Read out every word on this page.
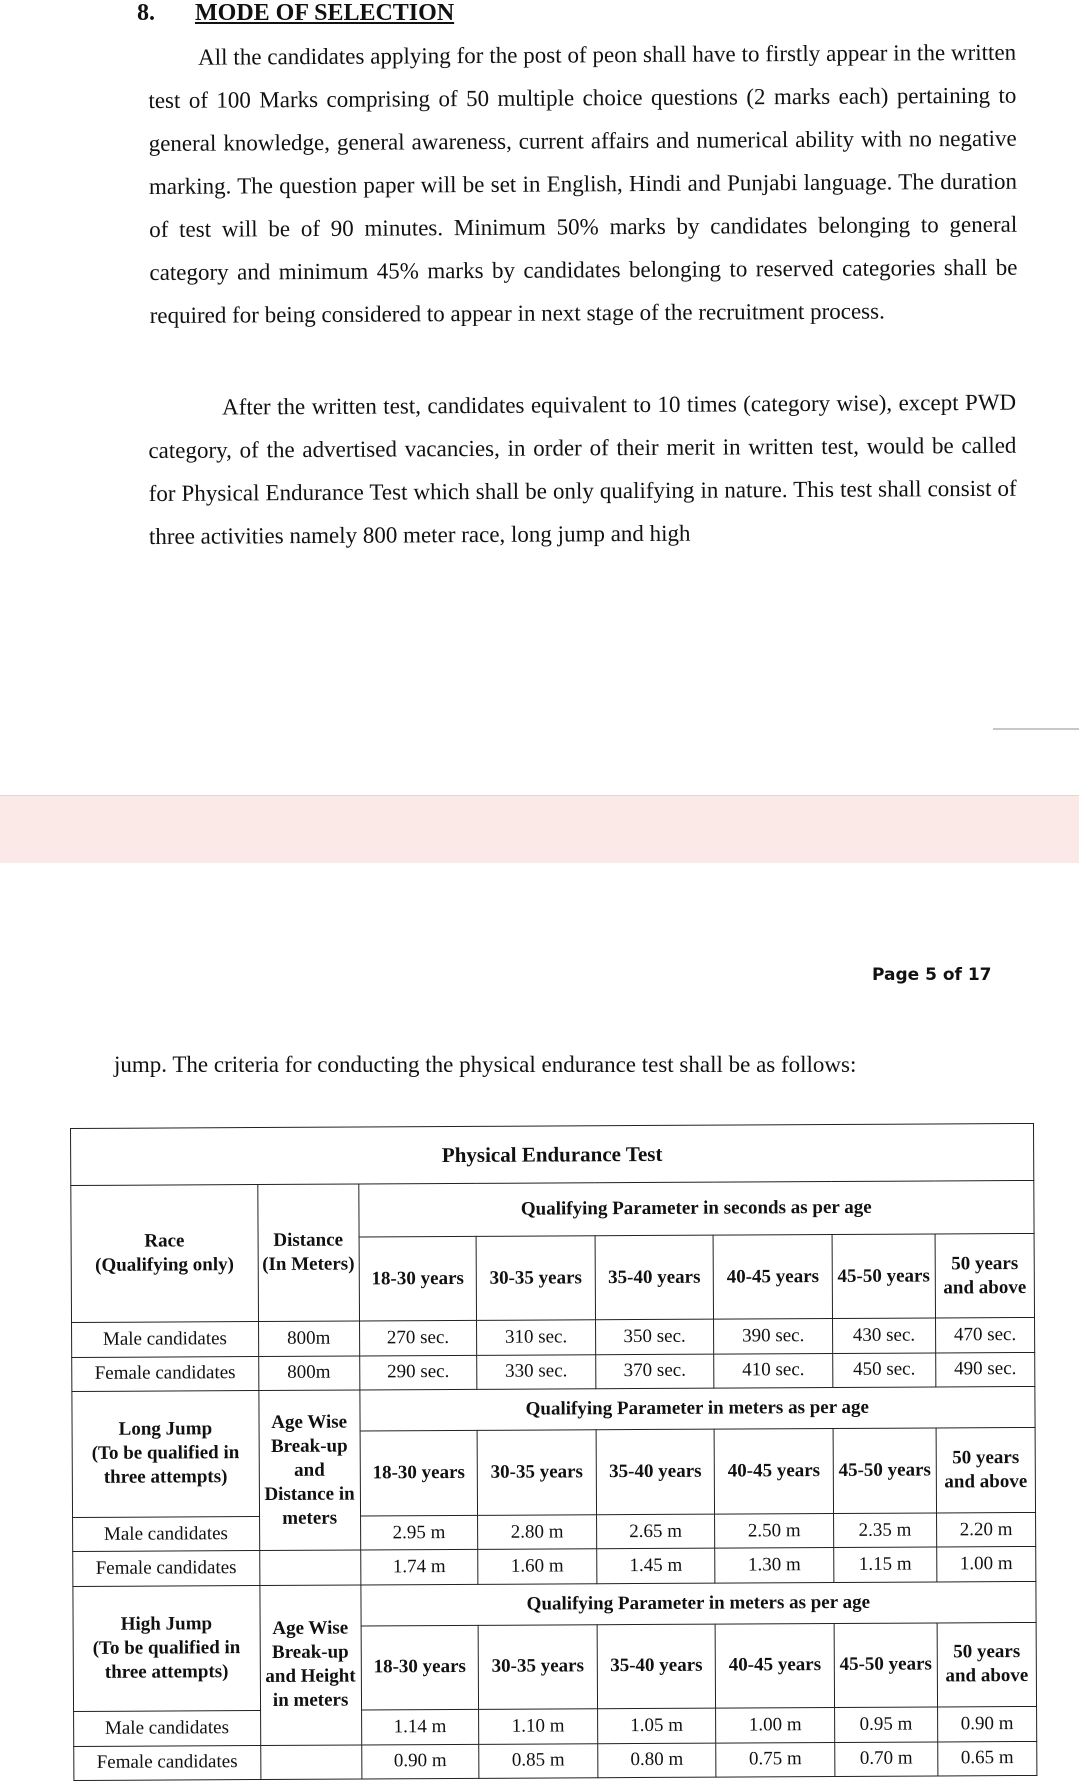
8. MODE OF SELECTION
All the candidates applying for the post of peon shall have to firstly appear in the written test of 100 Marks comprising of 50 multiple choice questions (2 marks each) pertaining to general knowledge, general awareness, current affairs and numerical ability with no negative marking. The question paper will be set in English, Hindi and Punjabi language. The duration of test will be of 90 minutes. Minimum 50% marks by candidates belonging to general category and minimum 45% marks by candidates belonging to reserved categories shall be required for being considered to appear in next stage of the recruitment process.
After the written test, candidates equivalent to 10 times (category wise), except PWD category, of the advertised vacancies, in order of their merit in written test, would be called for Physical Endurance Test which shall be only qualifying in nature. This test shall consist of three activities namely 800 meter race, long jump and high
Page 5 of 17
jump. The criteria for conducting the physical endurance test shall be as follows:
Physical Endurance Test							

Race
(Qualifying only)	Distance (In Meters)	Qualifying Parameter in seconds as per age					
		18-30 years	30-35 years	35-40 years	40-45 years	45-50 years	50 years and above
Male candidates	800m	270 sec.	310 sec.	350 sec.	390 sec.	430 sec.	470 sec.
Female candidates	800m	290 sec.	330 sec.	370 sec.	410 sec.	450 sec.	490 sec.

Long Jump
(To be qualified in three attempts)	Age Wise Break-up and Distance in meters	Qualifying Parameter in meters as per age					
		18-30 years	30-35 years	35-40 years	40-45 years	45-50 years	50 years and above
Male candidates		2.95 m	2.80 m	2.65 m	2.50 m	2.35 m	2.20 m
Female candidates		1.74 m	1.60 m	1.45 m	1.30 m	1.15 m	1.00 m

High Jump
(To be qualified in three attempts)	Age Wise Break-up and Height in meters	Qualifying Parameter in meters as per age					
		18-30 years	30-35 years	35-40 years	40-45 years	45-50 years	50 years and above
Male candidates		1.14 m	1.10 m	1.05 m	1.00 m	0.95 m	0.90 m
Female candidates		0.90 m	0.85 m	0.80 m	0.75 m	0.70 m	0.65 m
